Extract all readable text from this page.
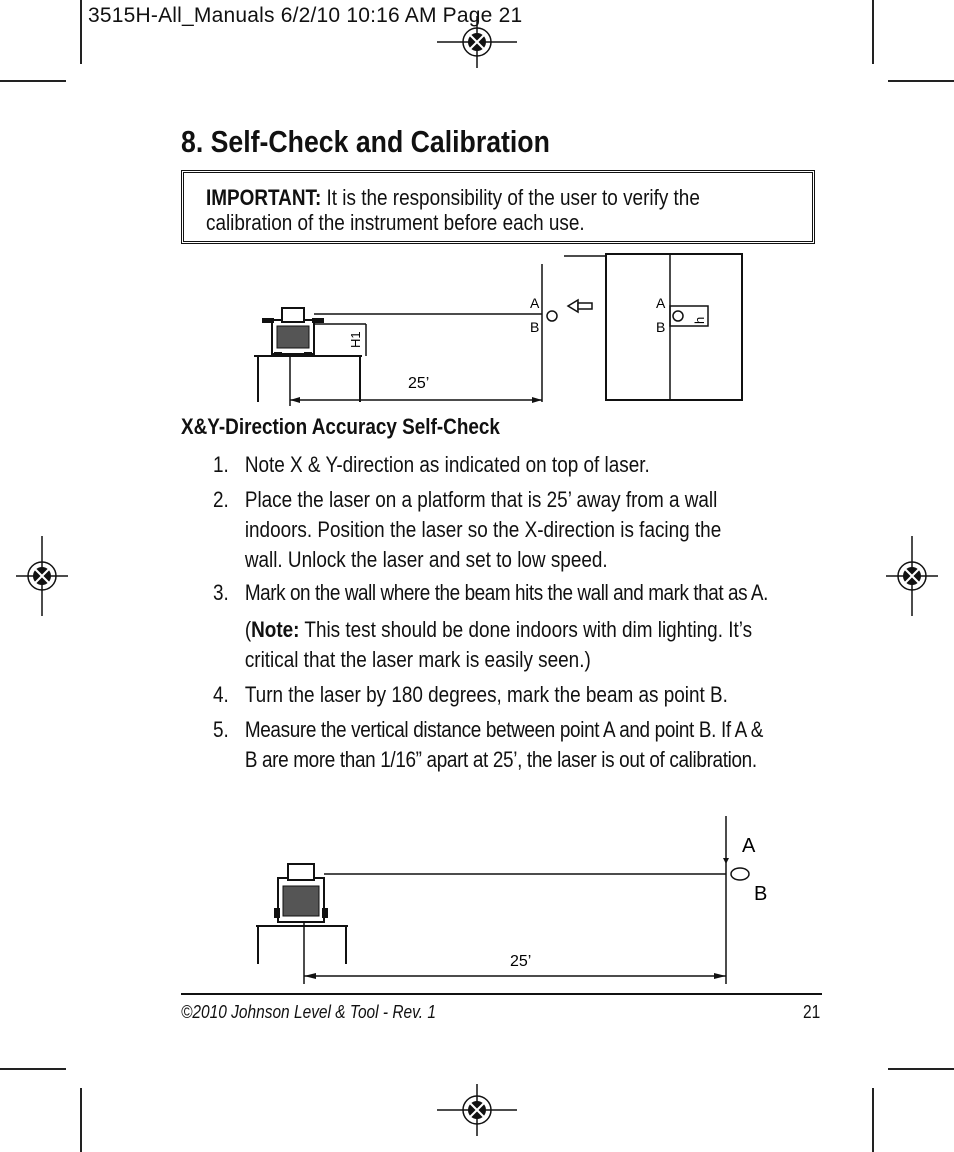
3515H-All_Manuals 6/2/10 10:16 AM Page 21
8. Self-Check and Calibration
IMPORTANT: It is the responsibility of the user to verify the
calibration of the instrument before each use.
H1
A
B
A
B h
25’
X&Y-Direction Accuracy Self-Check
1. Note X & Y-direction as indicated on top of laser.
2. Place the laser on a platform that is 25’ away from a wall
indoors. Position the laser so the X-direction is facing the
wall. Unlock the laser and set to low speed.
3. Mark on the wall where the beam hits the wall and mark that as A.
(Note: This test should be done indoors with dim lighting. It’s
critical that the laser mark is easily seen.)
4. Turn the laser by 180 degrees, mark the beam as point B.
5. Measure the vertical distance between point A and point B. If A &
B are more than 1/16” apart at 25’, the laser is out of calibration.
A
B
25’
©2010 Johnson Level & Tool - Rev. 1	21
